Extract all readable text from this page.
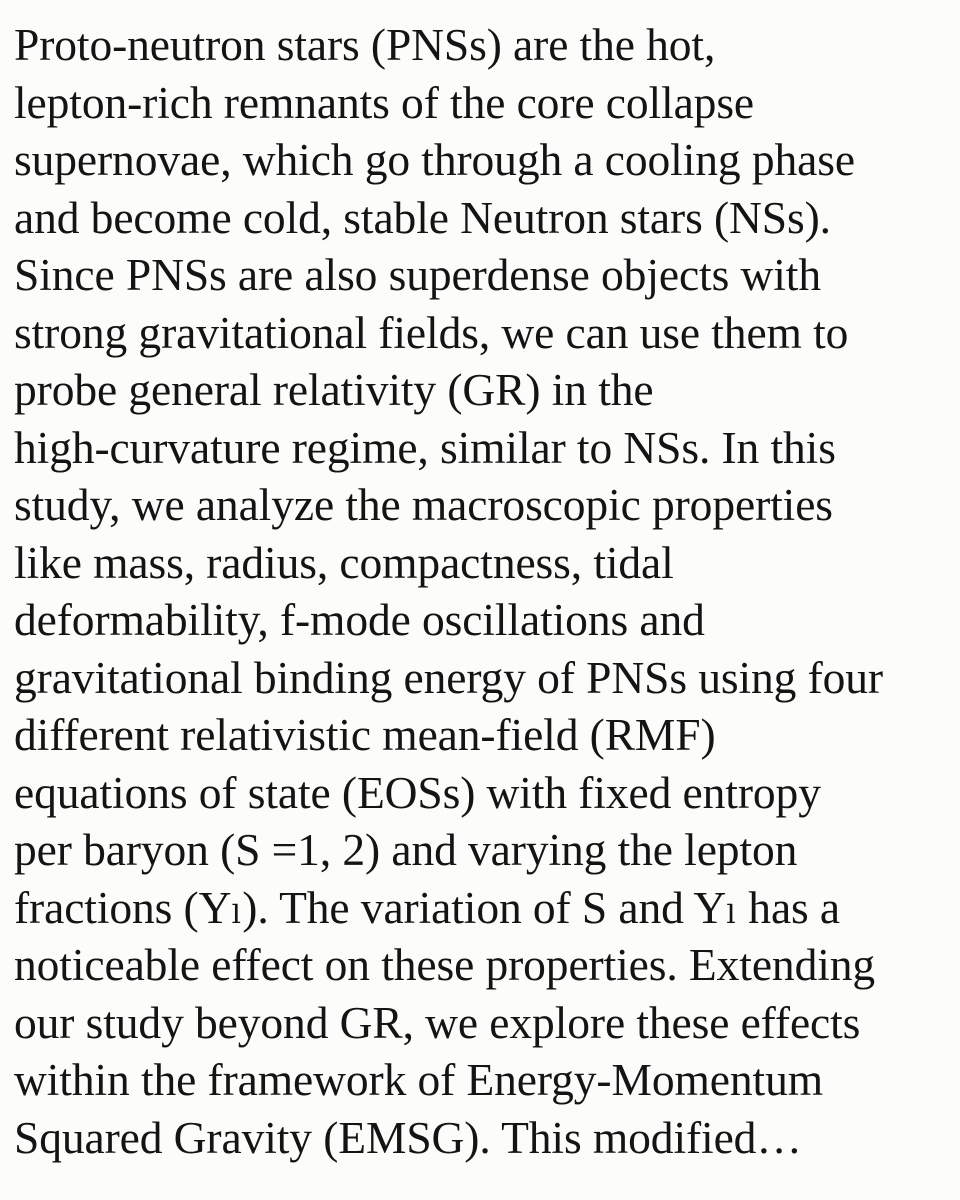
Proto-neutron stars (PNSs) are the hot,
lepton-rich remnants of the core collapse
supernovae, which go through a cooling phase
and become cold, stable Neutron stars (NSs).
Since PNSs are also superdense objects with
strong gravitational fields, we can use them to
probe general relativity (GR) in the
high-curvature regime, similar to NSs. In this
study, we analyze the macroscopic properties
like mass, radius, compactness, tidal
deformability, f-mode oscillations and
gravitational binding energy of PNSs using four
different relativistic mean-field (RMF)
equations of state (EOSs) with fixed entropy
per baryon (S =1, 2) and varying the lepton
fractions (Yₗ). The variation of S and Yₗ has a
noticeable effect on these properties. Extending
our study beyond GR, we explore these effects
within the framework of Energy-Momentum
Squared Gravity (EMSG). This modified…
